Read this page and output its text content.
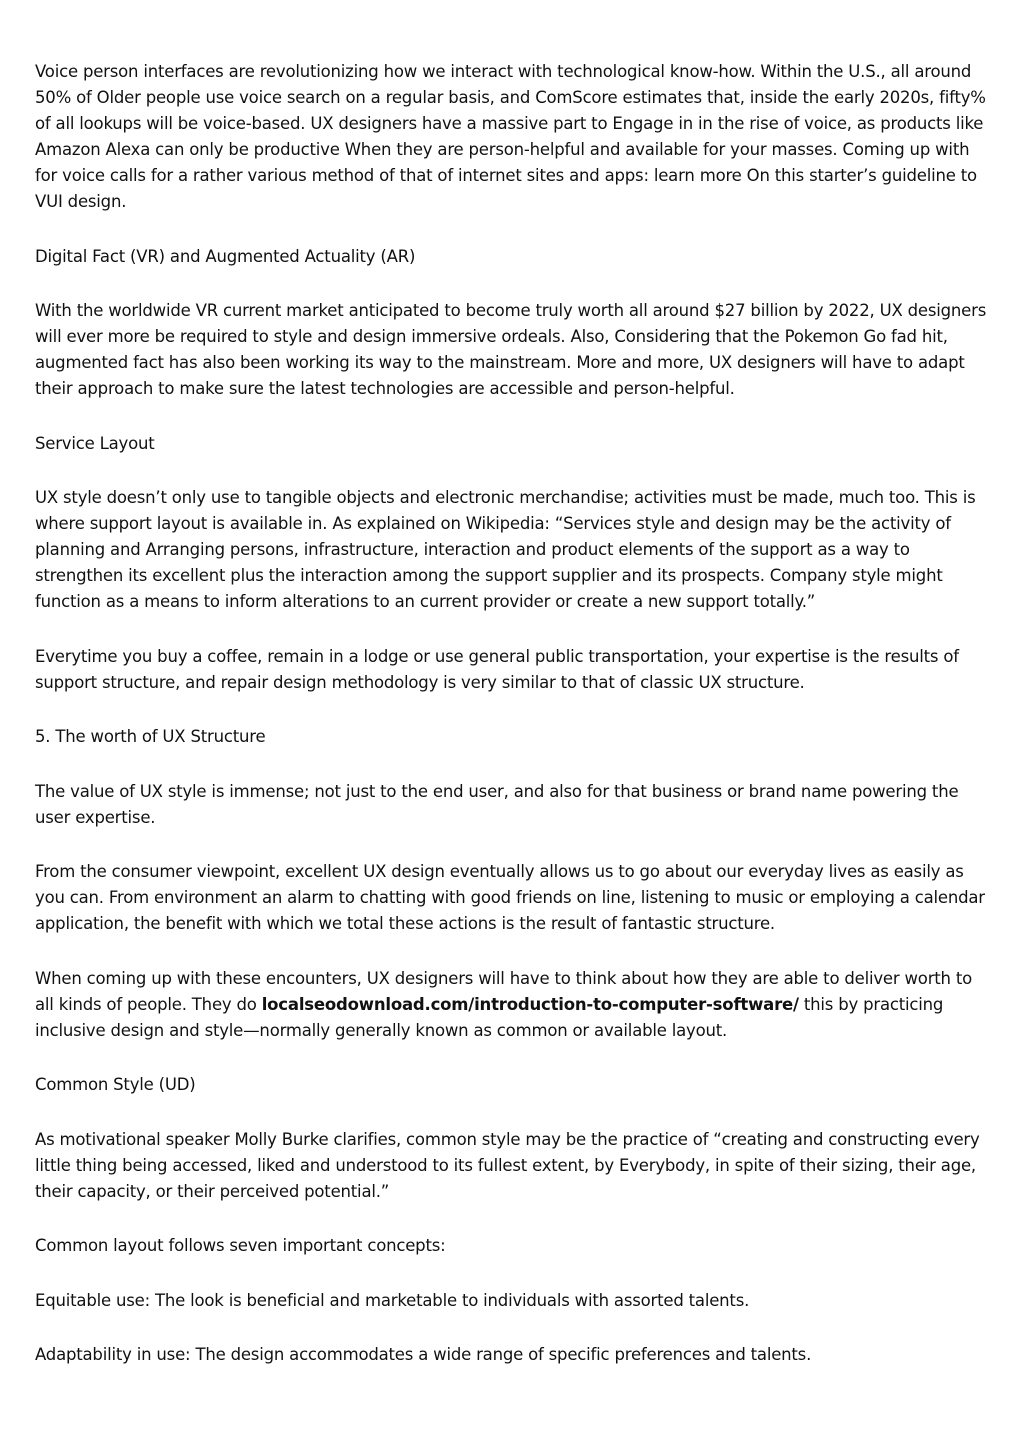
Voice person interfaces are revolutionizing how we interact with technological know-how. Within the U.S., all around 50% of Older people use voice search on a regular basis, and ComScore estimates that, inside the early 2020s, fifty% of all lookups will be voice-based. UX designers have a massive part to Engage in in the rise of voice, as products like Amazon Alexa can only be productive When they are person-helpful and available for your masses. Coming up with for voice calls for a rather various method of that of internet sites and apps: learn more On this starter’s guideline to VUI design.

Digital Fact (VR) and Augmented Actuality (AR)

With the worldwide VR current market anticipated to become truly worth all around $27 billion by 2022, UX designers will ever more be required to style and design immersive ordeals. Also, Considering that the Pokemon Go fad hit, augmented fact has also been working its way to the mainstream. More and more, UX designers will have to adapt their approach to make sure the latest technologies are accessible and person-helpful.

Service Layout

UX style doesn’t only use to tangible objects and electronic merchandise; activities must be made, much too. This is where support layout is available in. As explained on Wikipedia: “Services style and design may be the activity of planning and Arranging persons, infrastructure, interaction and product elements of the support as a way to strengthen its excellent plus the interaction among the support supplier and its prospects. Company style might function as a means to inform alterations to an current provider or create a new support totally.”

Everytime you buy a coffee, remain in a lodge or use general public transportation, your expertise is the results of support structure, and repair design methodology is very similar to that of classic UX structure.

5. The worth of UX Structure

The value of UX style is immense; not just to the end user, and also for that business or brand name powering the user expertise.

From the consumer viewpoint, excellent UX design eventually allows us to go about our everyday lives as easily as you can. From environment an alarm to chatting with good friends on line, listening to music or employing a calendar application, the benefit with which we total these actions is the result of fantastic structure.

When coming up with these encounters, UX designers will have to think about how they are able to deliver worth to all kinds of people. They do localseodownload.com/introduction-to-computer-software/ this by practicing inclusive design and style—normally generally known as common or available layout.

Common Style (UD)

As motivational speaker Molly Burke clarifies, common style may be the practice of “creating and constructing every little thing being accessed, liked and understood to its fullest extent, by Everybody, in spite of their sizing, their age, their capacity, or their perceived potential.”

Common layout follows seven important concepts:

Equitable use: The look is beneficial and marketable to individuals with assorted talents.

Adaptability in use: The design accommodates a wide range of specific preferences and talents.
